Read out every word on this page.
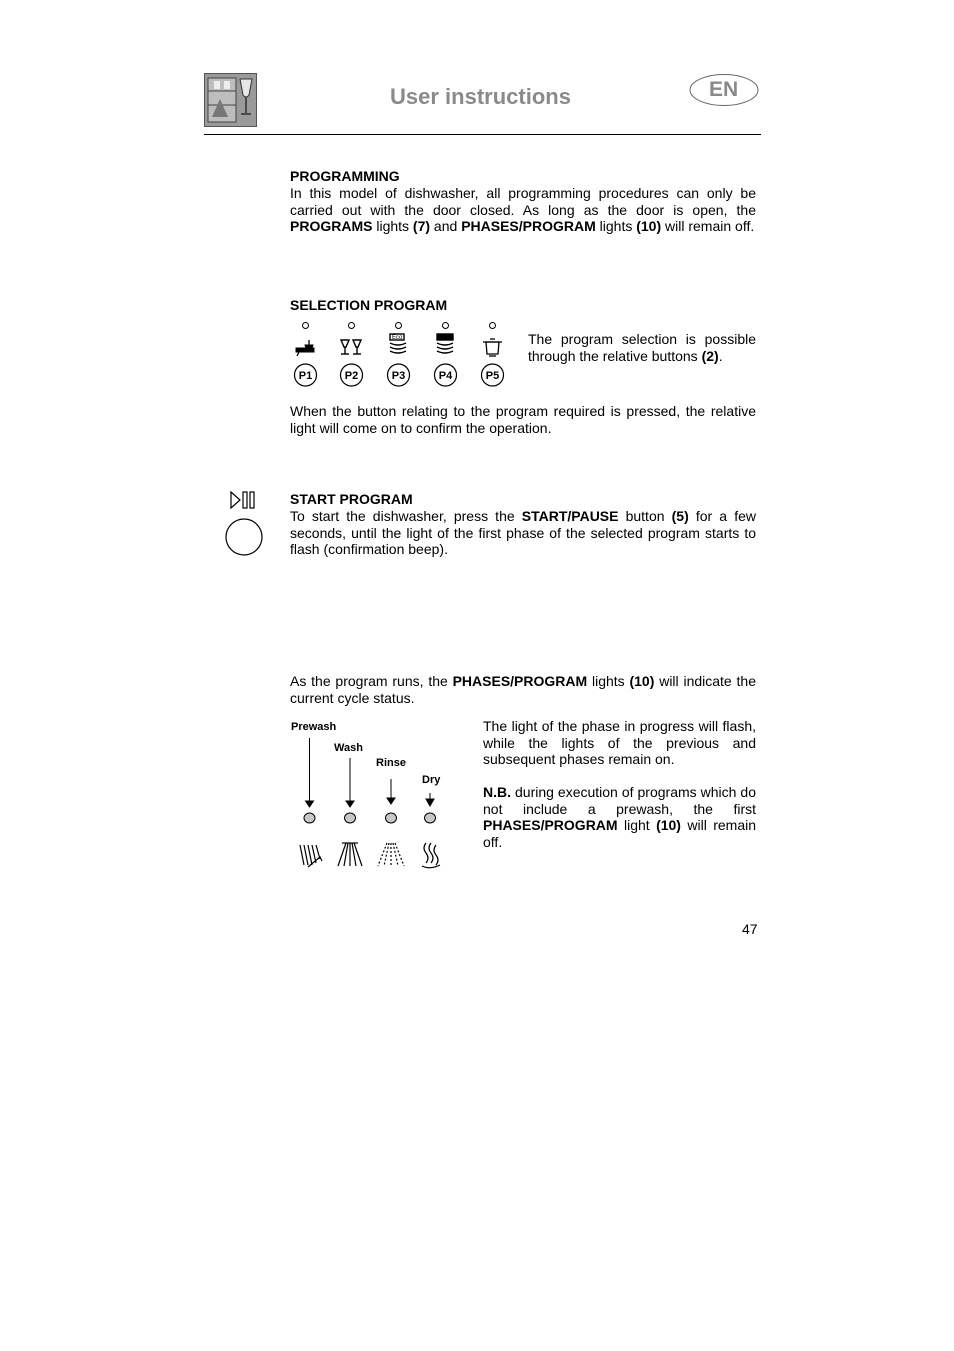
User instructions	EN
PROGRAMMING
In this model of dishwasher, all programming procedures can only be carried out with the door closed. As long as the door is open, the PROGRAMS lights (7) and PHASES/PROGRAM lights (10) will remain off.
SELECTION PROGRAM
Eco
P1	P2	P3	P4	P5
The program selection is possible through the relative buttons (2).
When the button relating to the program required is pressed, the relative light will come on to confirm the operation.
START PROGRAM
To start the dishwasher, press the START/PAUSE button (5) for a few seconds, until the light of the first phase of the selected program starts to flash (confirmation beep).
As the program runs, the PHASES/PROGRAM lights (10) will indicate the current cycle status.
Prewash
Wash
Rinse
Dry
The light of the phase in progress will flash, while the lights of the previous and subsequent phases remain on.
N.B. during execution of programs which do not include a prewash, the first PHASES/PROGRAM light (10) will remain off.
47
